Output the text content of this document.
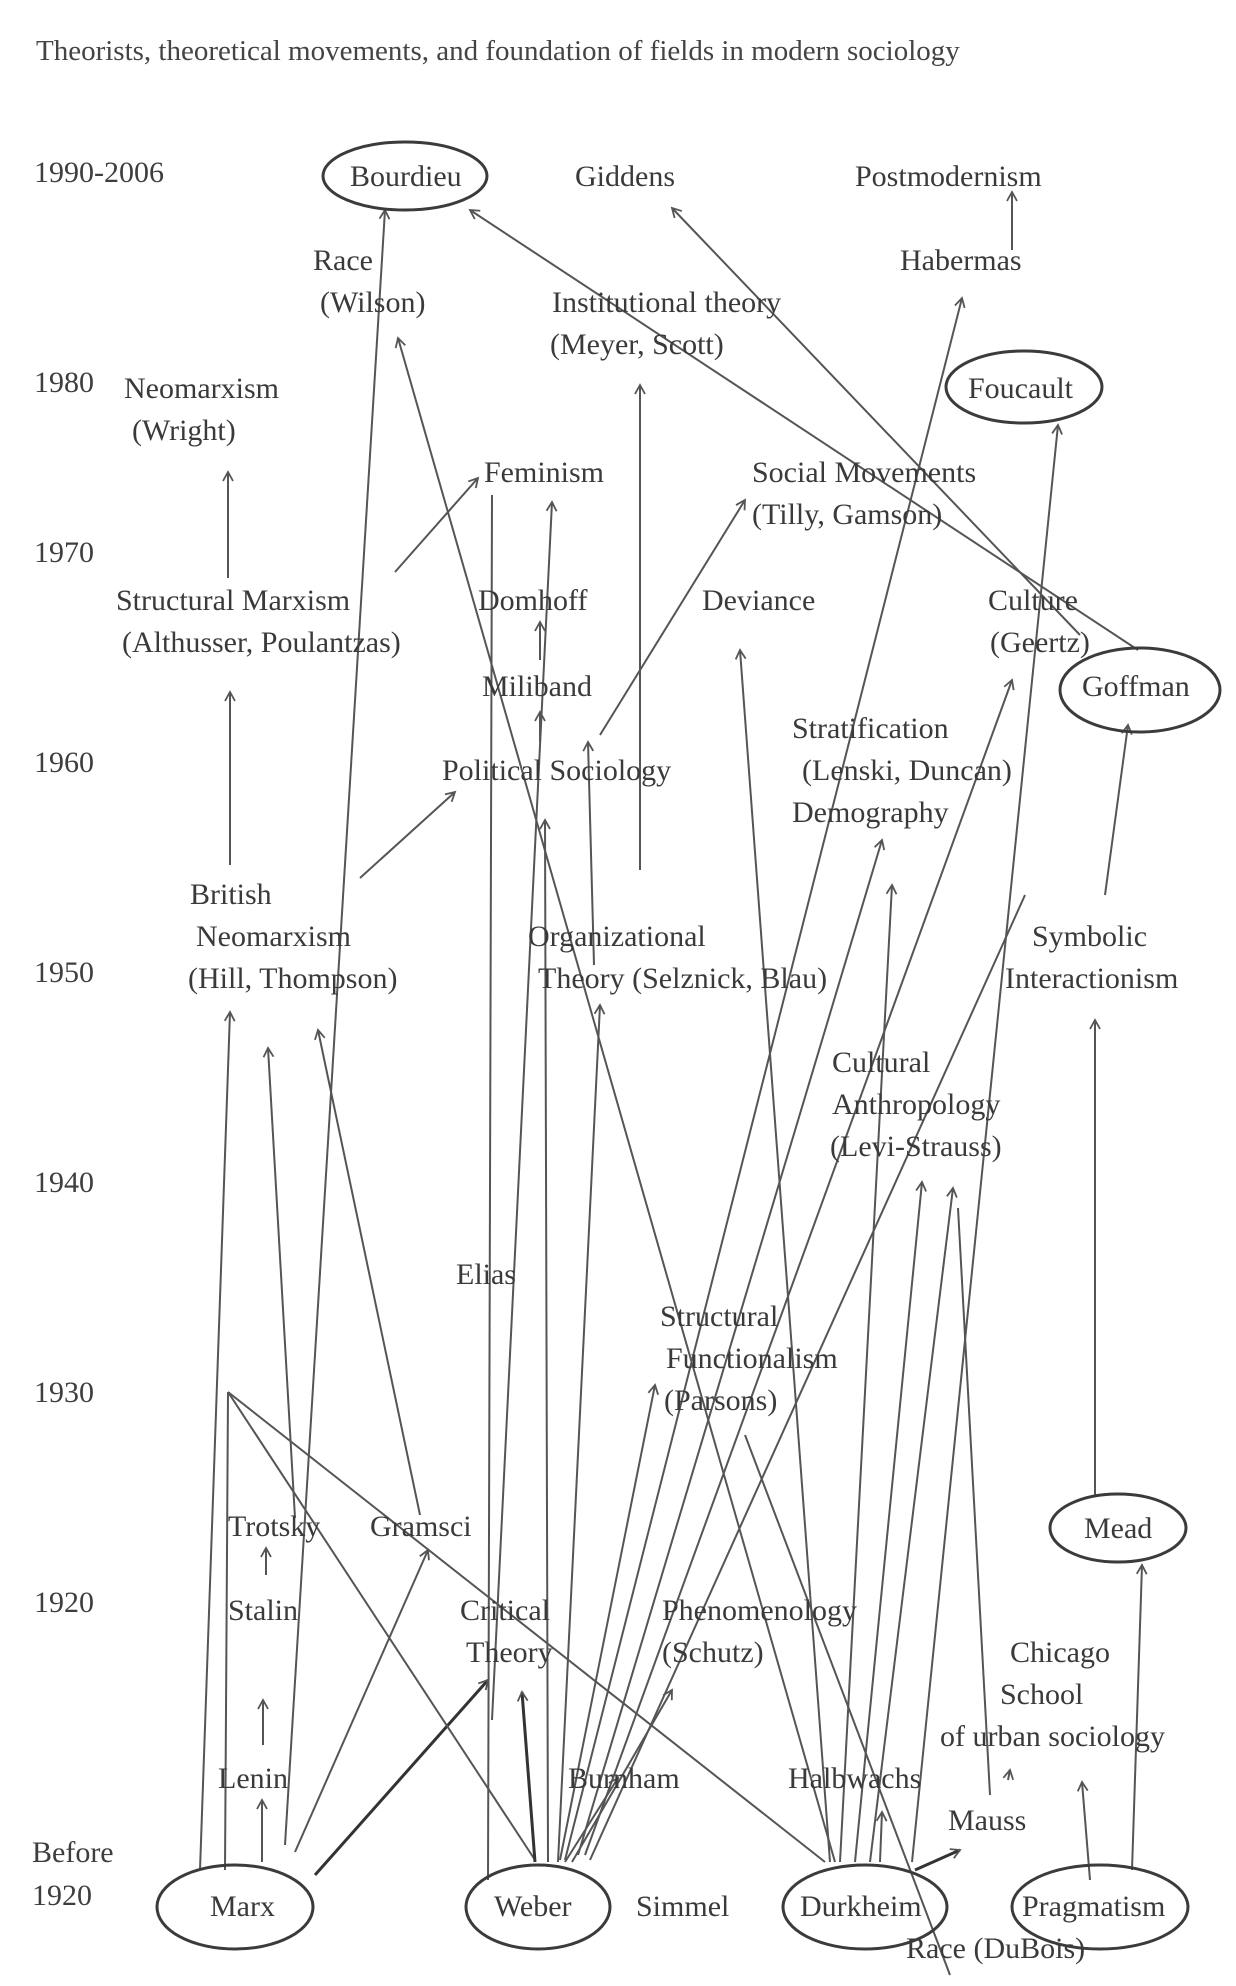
Theorists, theoretical movements, and foundation of fields in modern sociology
1990-2006
1980
1970
1960
1950
1940
1930
1920
Before
1920
Bourdieu	Giddens	Postmodernism
Race
(Wilson)
Habermas
Institutional theory
(Meyer, Scott)
Neomarxism
(Wright)
Foucault
Feminism	Social Movements
(Tilly, Gamson)
Structural Marxism
(Althusser, Poulantzas)
Domhoff	Deviance	Culture
(Geertz)
Goffman
Miliband
Stratification
(Lenski, Duncan)
Demography
Political Sociology
British
Neomarxism
(Hill, Thompson)
Organizational
Theory (Selznick, Blau)
Symbolic
Interactionism
Cultural
Anthropology
(Levi-Strauss)
Elias
Structural
Functionalism
(Parsons)
Trotsky Gramsci	Mead
Stalin	Critical
Theory
Phenomenology
(Schutz)	Chicago
School
of urban sociology
Lenin	Burnham	Halbwachs
Mauss
Marx	Weber Simmel Durkheim	Pragmatism
Race (DuBois)
